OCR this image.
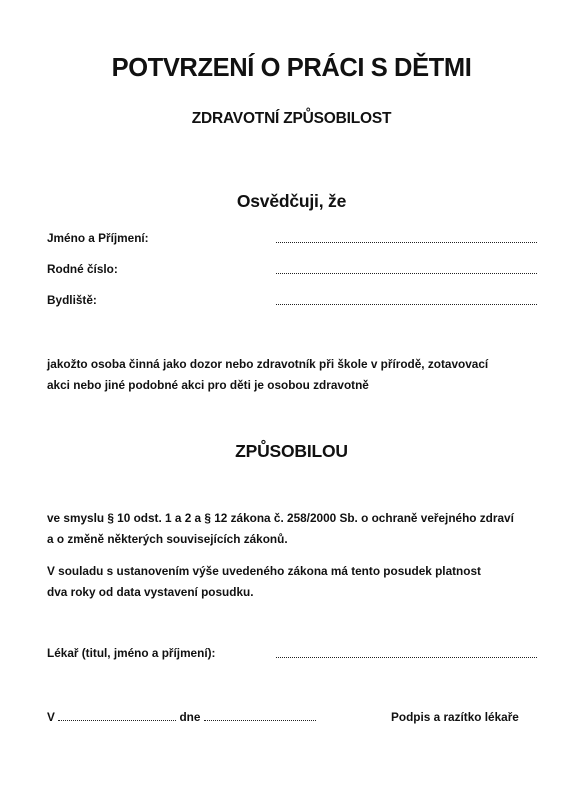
POTVRZENÍ O PRÁCI S DĚTMI
ZDRAVOTNÍ ZPŮSOBILOST
Osvědčuji, že
Jméno a Příjmení:
Rodné číslo:
Bydliště:

jakožto osoba činná jako dozor nebo zdravotník při škole v přírodě, zotavovací
akci nebo jiné podobné akci pro děti je osobou zdravotně

ZPŮSOBILOU

ve smyslu § 10 odst. 1 a 2 a § 12 zákona č. 258/2000 Sb. o ochraně veřejného zdraví
a o změně některých souvisejících zákonů.

V souladu s ustanovením výše uvedeného zákona má tento posudek platnost
dva roky od data vystavení posudku.

Lékař (titul, jméno a příjmení):
V	dne	Podpis a razítko lékaře
